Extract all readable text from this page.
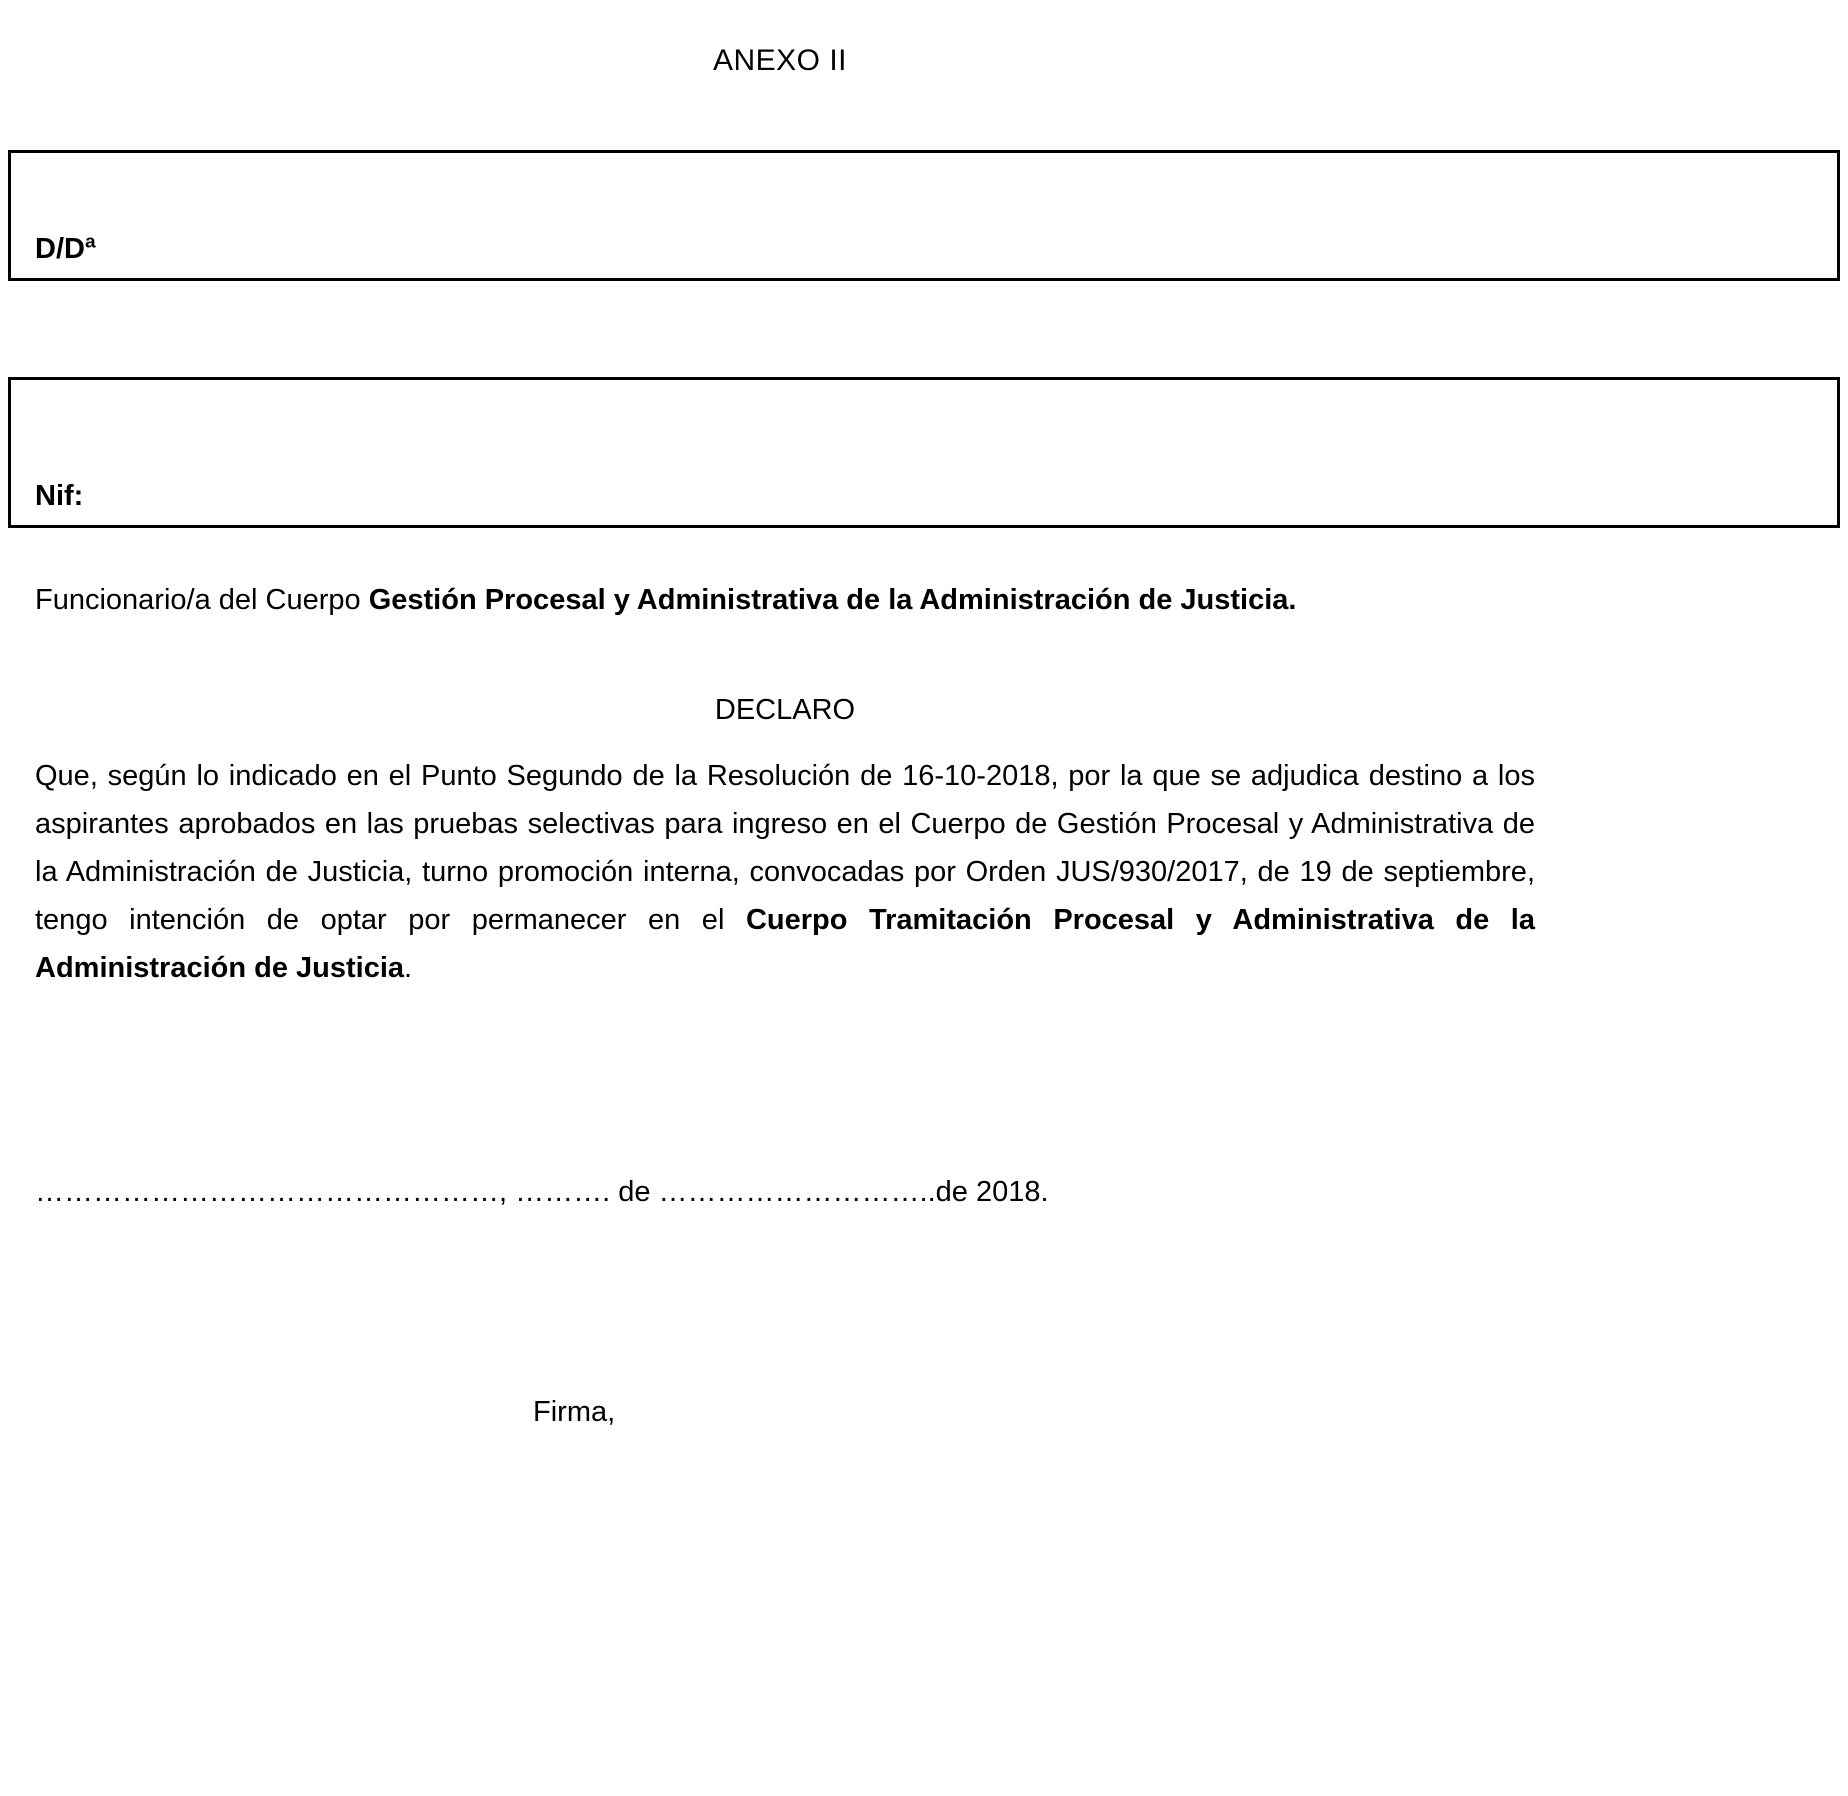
ANEXO II
D/Dª
Nif:
Funcionario/a del Cuerpo Gestión Procesal y Administrativa de la Administración de Justicia.
DECLARO
Que, según lo indicado en el Punto Segundo de la Resolución de 16-10-2018, por la que se adjudica destino a los aspirantes aprobados en las pruebas selectivas para ingreso en el Cuerpo de Gestión Procesal y Administrativa de la Administración de Justicia, turno promoción interna, convocadas por Orden JUS/930/2017, de 19 de septiembre, tengo intención de optar por permanecer en el Cuerpo Tramitación Procesal y Administrativa de la Administración de Justicia.
…………………………………………, ………. de ………………………..de 2018.
Firma,
